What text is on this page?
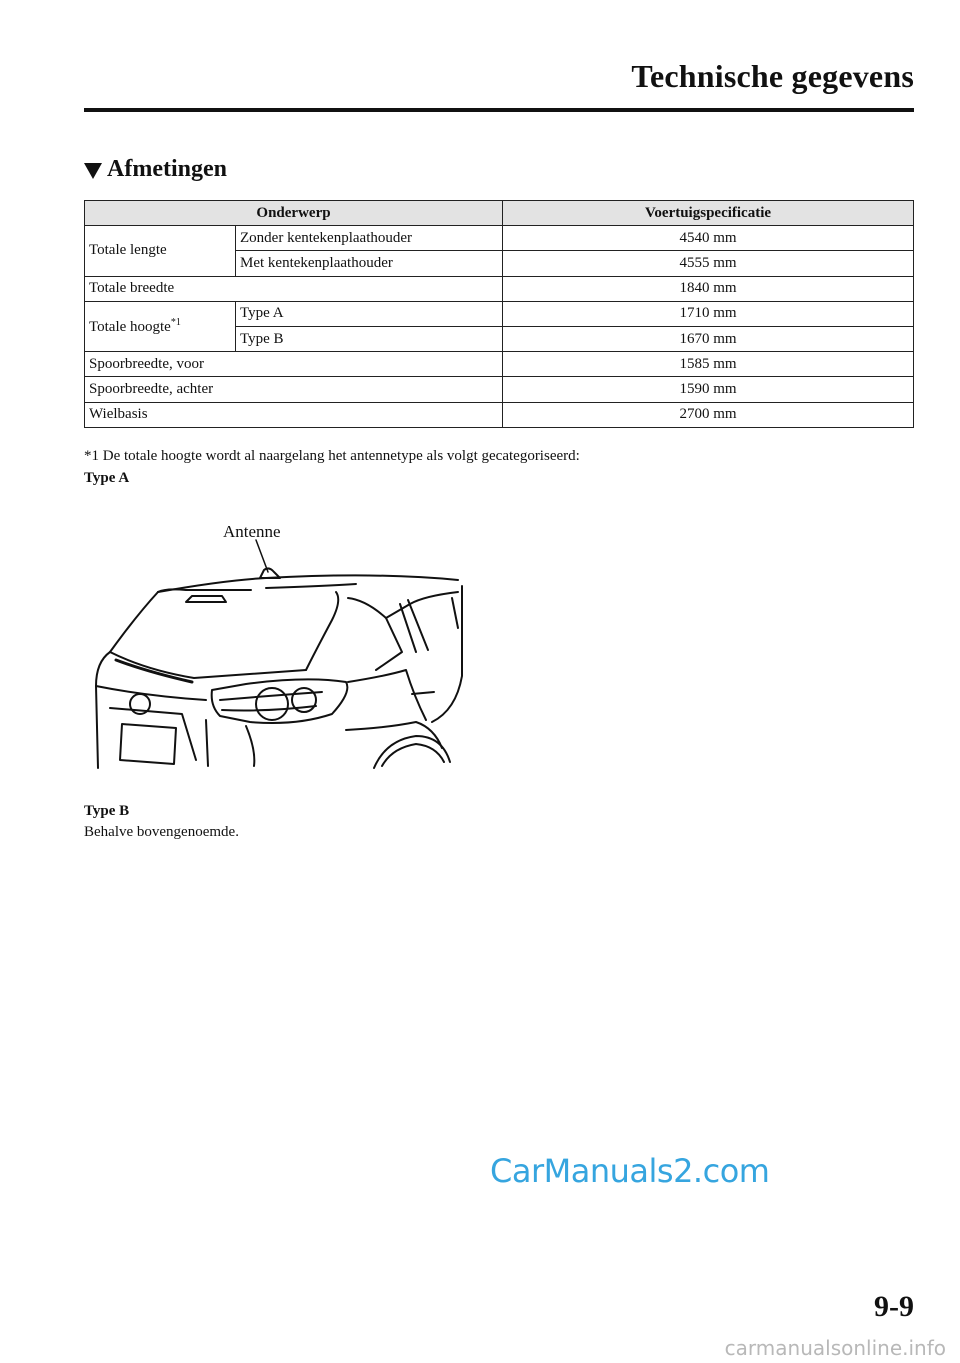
Technische gegevens
Afmetingen
Onderwerp		Voertuigspecificatie
Totale lengte	Zonder kentekenplaathouder	4540 mm
	Met kentekenplaathouder	4555 mm
Totale breedte		1840 mm
Totale hoogte$^{*1}$	Type A	1710 mm
	Type B	1670 mm
Spoorbreedte, voor		1585 mm
Spoorbreedte, achter		1590 mm
Wielbasis		2700 mm
*1 De totale hoogte wordt al naargelang het antennetype als volgt gecategoriseerd:
Type A
Antenne
Type B
Behalve bovengenoemde.
CarManuals2.com
9-9
carmanualsonline.info
